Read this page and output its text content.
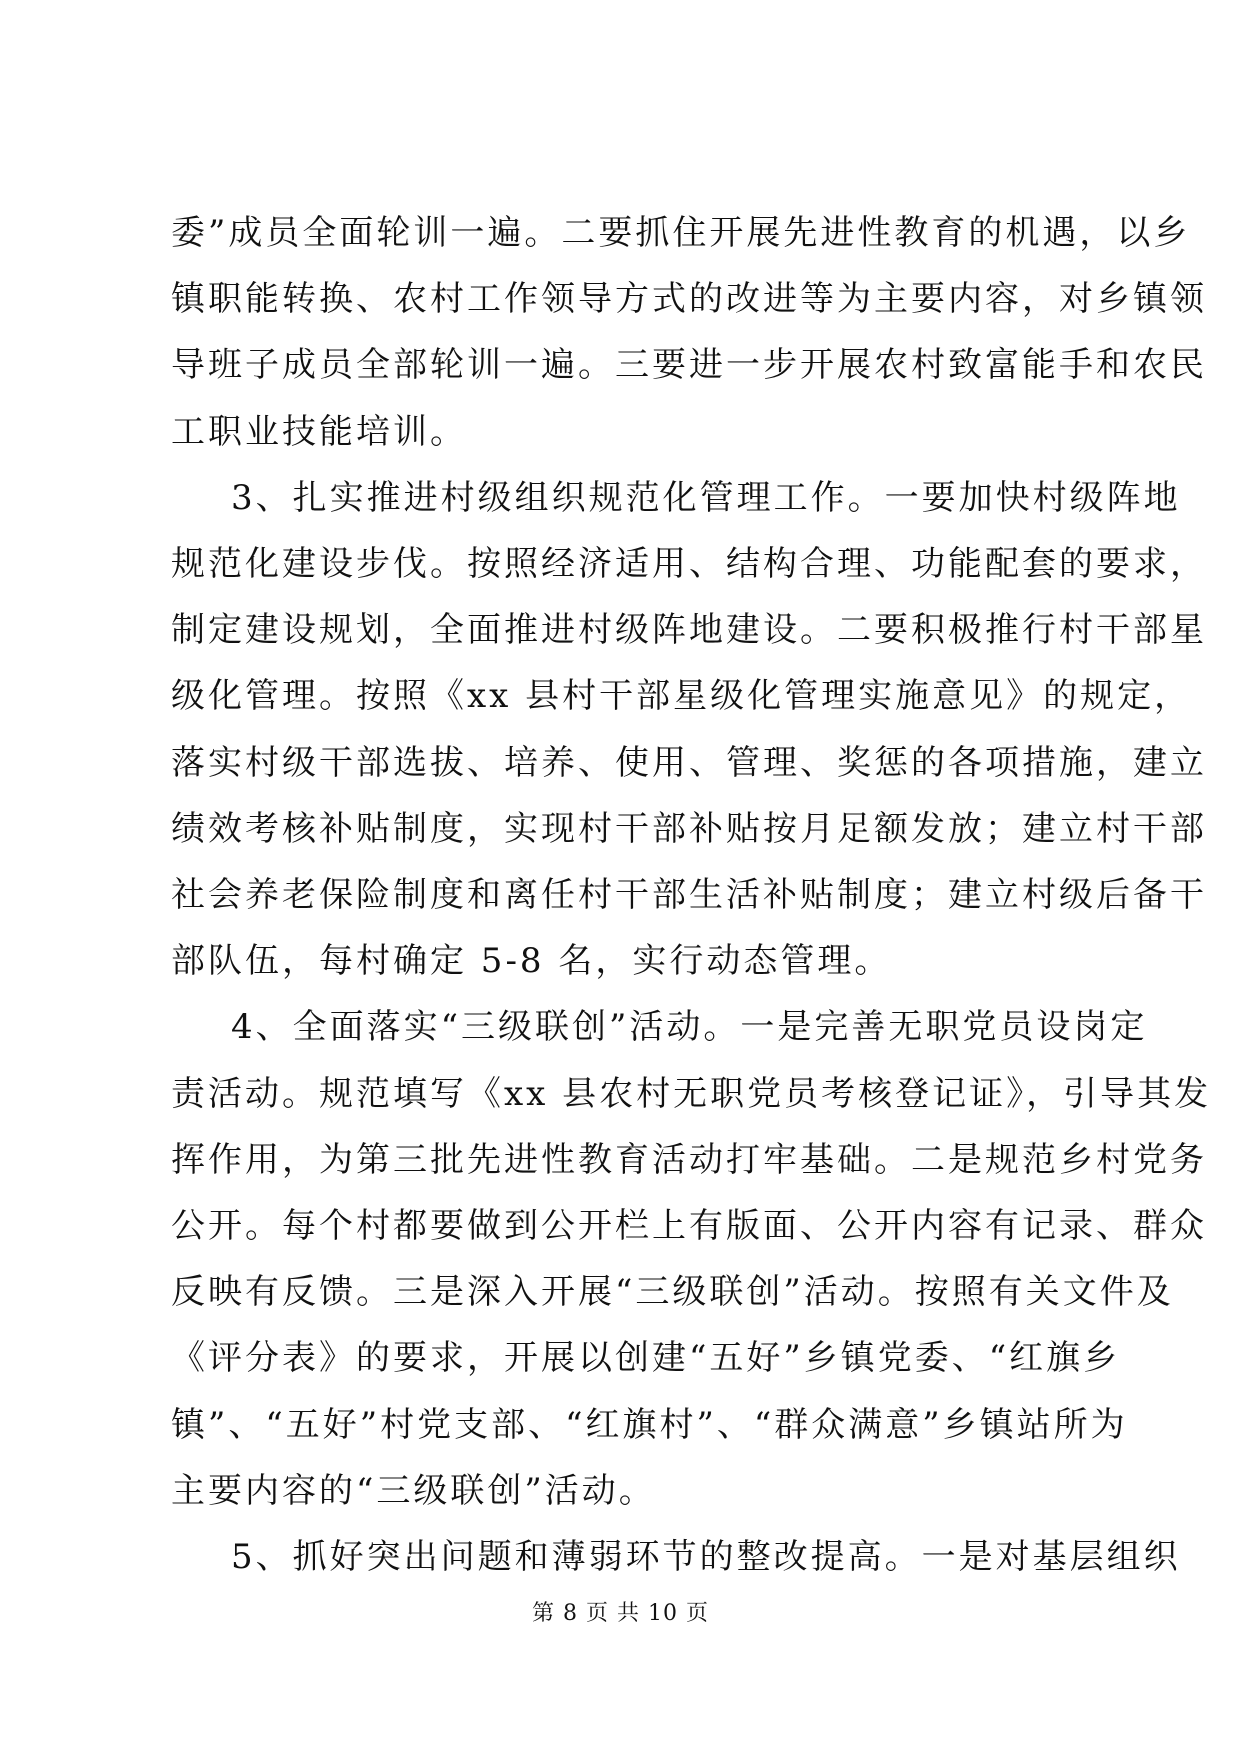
委”成员全面轮训一遍。二要抓住开展先进性教育的机遇，以乡
镇职能转换、农村工作领导方式的改进等为主要内容，对乡镇领
导班子成员全部轮训一遍。三要进一步开展农村致富能手和农民
工职业技能培训。
3、扎实推进村级组织规范化管理工作。一要加快村级阵地
规范化建设步伐。按照经济适用、结构合理、功能配套的要求，
制定建设规划，全面推进村级阵地建设。二要积极推行村干部星
级化管理。按照《xx 县村干部星级化管理实施意见》的规定，
落实村级干部选拔、培养、使用、管理、奖惩的各项措施，建立
绩效考核补贴制度，实现村干部补贴按月足额发放；建立村干部
社会养老保险制度和离任村干部生活补贴制度；建立村级后备干
部队伍，每村确定 5-8 名，实行动态管理。
4、全面落实“三级联创”活动。一是完善无职党员设岗定
责活动。规范填写《xx 县农村无职党员考核登记证》，引导其发
挥作用，为第三批先进性教育活动打牢基础。二是规范乡村党务
公开。每个村都要做到公开栏上有版面、公开内容有记录、群众
反映有反馈。三是深入开展“三级联创”活动。按照有关文件及
《评分表》的要求，开展以创建“五好”乡镇党委、“红旗乡
镇”、“五好”村党支部、“红旗村”、“群众满意”乡镇站所为
主要内容的“三级联创”活动。
5、抓好突出问题和薄弱环节的整改提高。一是对基层组织
第 8 页 共 10 页
